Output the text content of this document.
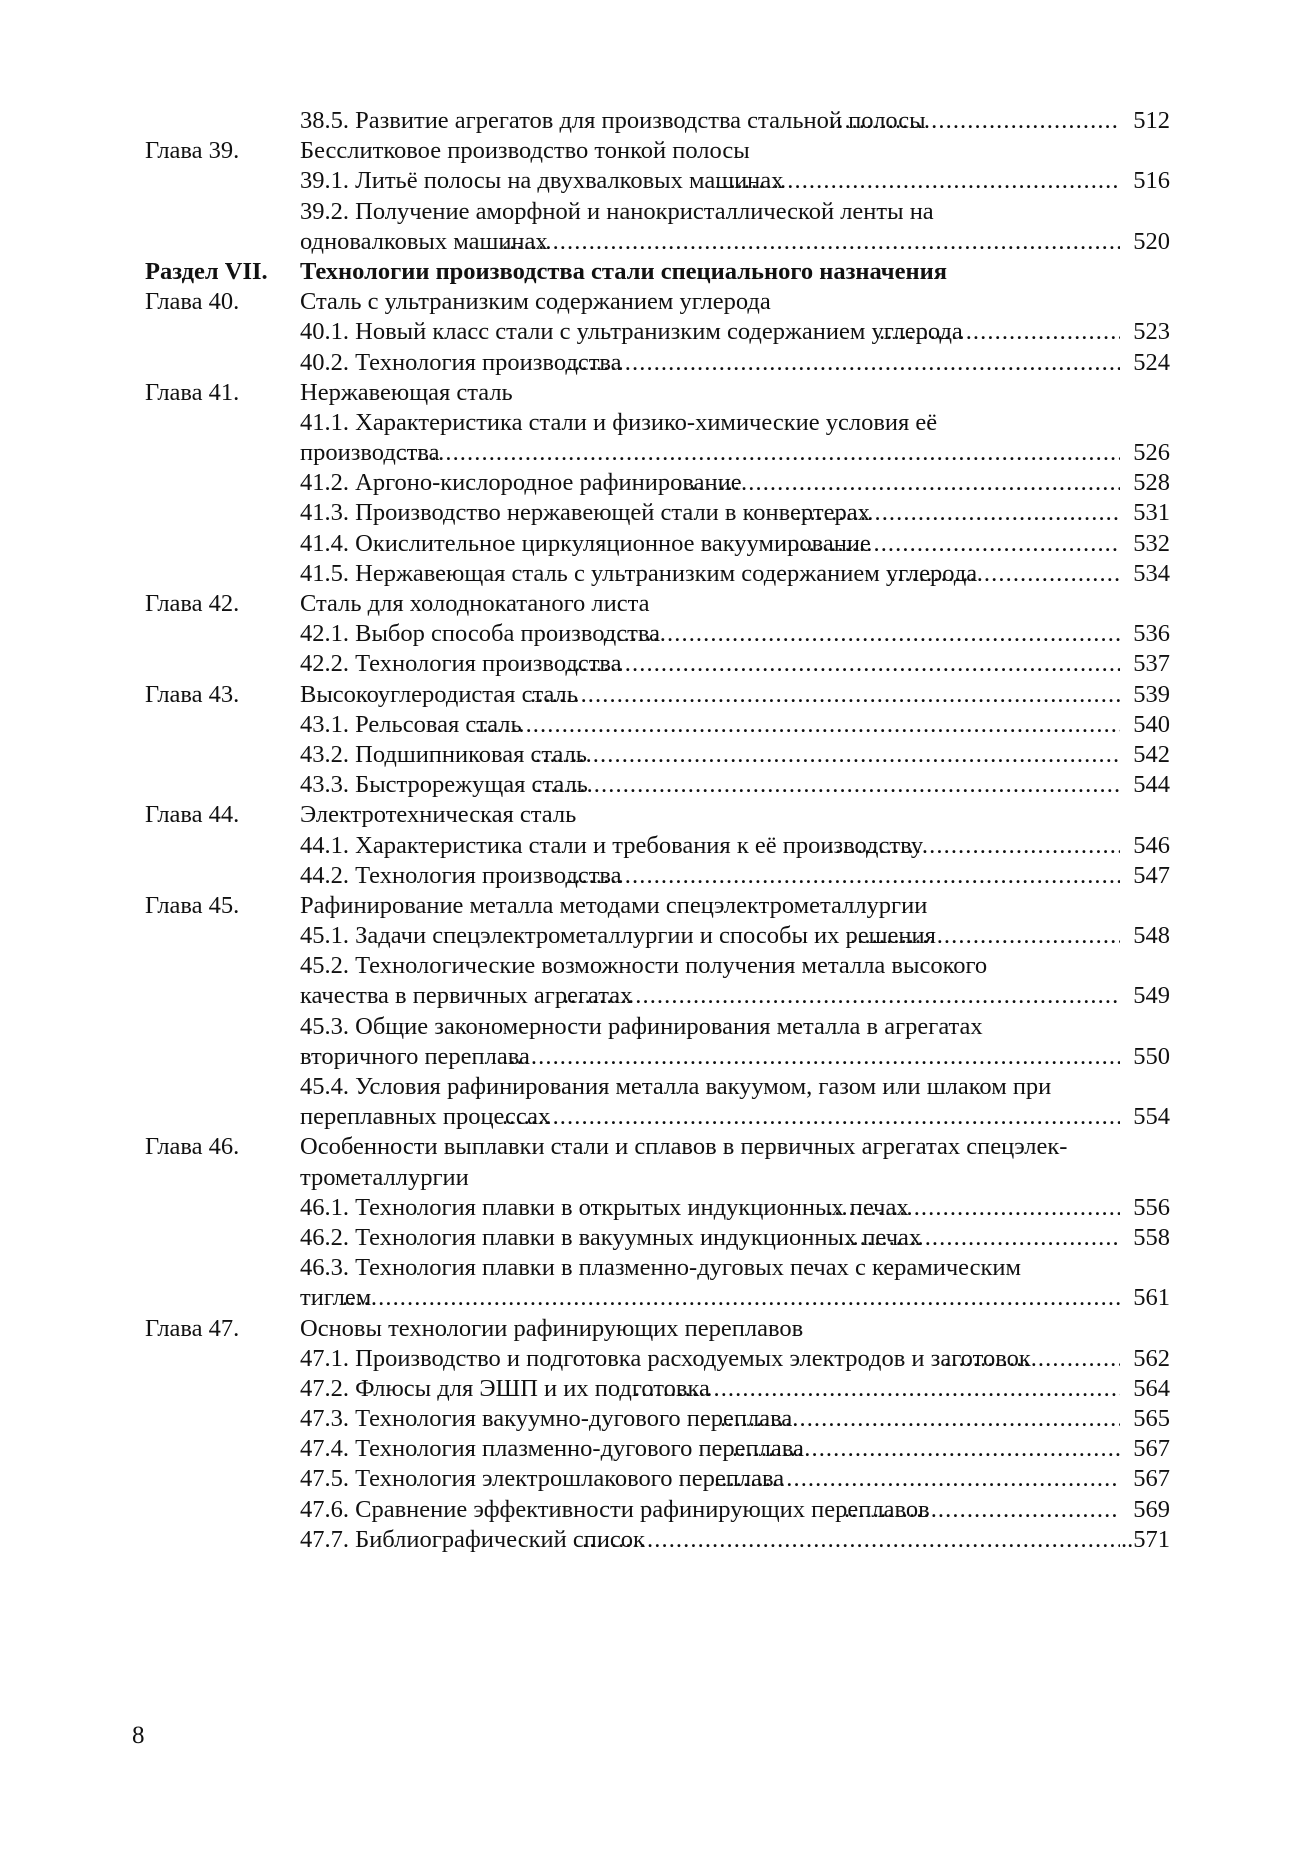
38.5. Развитие агрегатов для производства стальной полосы .....	512
Глава 39. Бесслитковое производство тонкой полосы
39.1. Литьё полосы на двухвалковых машинах .....	516
39.2. Получение аморфной и нанокристаллической ленты на
одновалковых машинах .....	520
Раздел VII. Технологии производства стали специального назначения
Глава 40. Сталь с ультранизким содержанием углерода
40.1. Новый класс стали с ультранизким содержанием углерода .....	523
40.2. Технология производства .....	524
Глава 41. Нержавеющая сталь
41.1. Характеристика стали и физико-химические условия её
производства .....	526
41.2. Аргоно-кислородное рафинирование .....	528
41.3. Производство нержавеющей стали в конвертерах .....	531
41.4. Окислительное циркуляционное вакуумирование .....	532
41.5. Нержавеющая сталь с ультранизким содержанием углерода .....	534
Глава 42. Сталь для холоднокатаного листа
42.1. Выбор способа производства .....	536
42.2. Технология производства .....	537
Глава 43. Высокоуглеродистая сталь .....	539
43.1. Рельсовая сталь .....	540
43.2. Подшипниковая сталь .....	542
43.3. Быстрорежущая сталь .....	544
Глава 44. Электротехническая сталь
44.1. Характеристика стали и требования к её производству .....	546
44.2. Технология производства .....	547
Глава 45. Рафинирование металла методами спецэлектрометаллургии
45.1. Задачи спецэлектрометаллургии и способы их решения .....	548
45.2. Технологические возможности получения металла высокого
качества в первичных агрегатах .....	549
45.3. Общие закономерности рафинирования металла в агрегатах
вторичного переплава .....	550
45.4. Условия рафинирования металла вакуумом, газом или шлаком при
переплавных процессах .....	554
Глава 46. Особенности выплавки стали и сплавов в первичных агрегатах спецэлек-
трометаллургии
46.1. Технология плавки в открытых индукционных печах .....	556
46.2. Технология плавки в вакуумных индукционных печах .....	558
46.3. Технология плавки в плазменно-дуговых печах с керамическим
тиглем .....	561
Глава 47. Основы технологии рафинирующих переплавов
47.1. Производство и подготовка расходуемых электродов и заготовок .....	562
47.2. Флюсы для ЭШП и их подготовка .....	564
47.3. Технология вакуумно-дугового переплава .....	565
47.4. Технология плазменно-дугового переплава .....	567
47.5. Технология электрошлакового переплава .....	567
47.6. Сравнение эффективности рафинирующих переплавов .....	569
47.7. Библиографический список .....	..571
8
